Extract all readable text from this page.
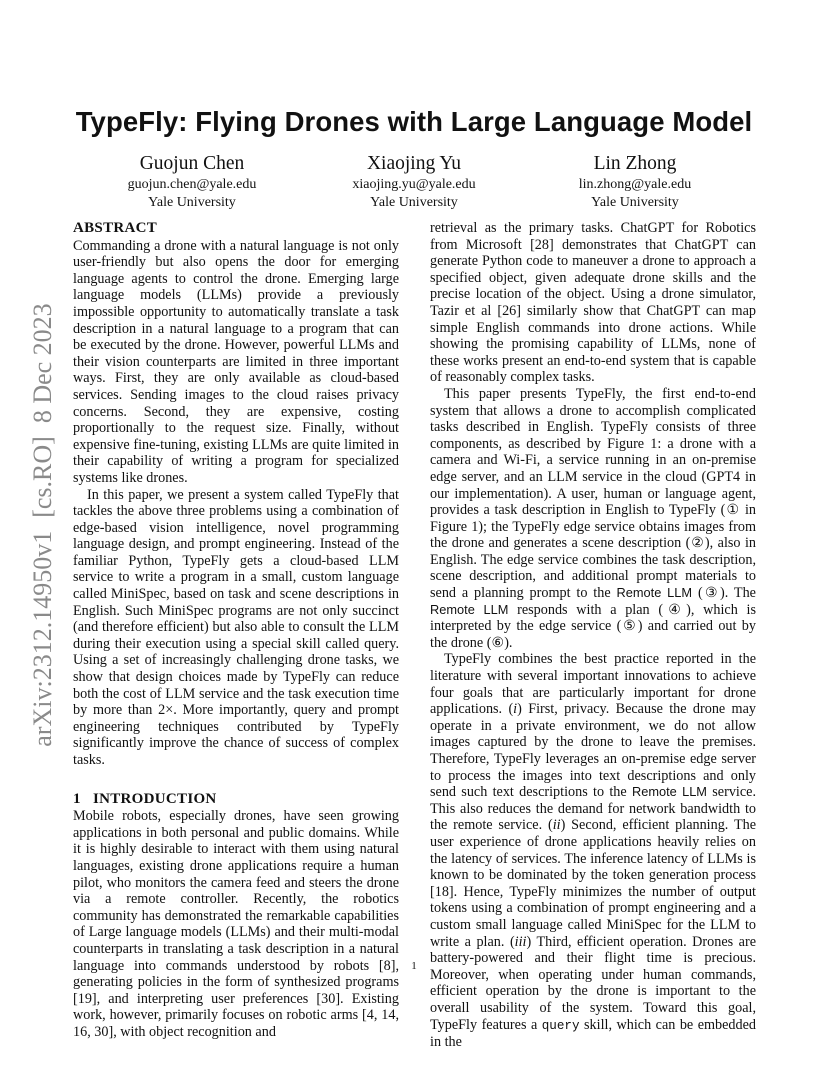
arXiv:2312.14950v1  [cs.RO]  8 Dec 2023
TypeFly: Flying Drones with Large Language Model
Guojun Chen
guojun.chen@yale.edu
Yale University
Xiaojing Yu
xiaojing.yu@yale.edu
Yale University
Lin Zhong
lin.zhong@yale.edu
Yale University
ABSTRACT

Commanding a drone with a natural language is not only user-friendly but also opens the door for emerging language agents to control the drone. Emerging large language models (LLMs) provide a previously impossible opportunity to automatically translate a task description in a natural language to a program that can be executed by the drone. However, powerful LLMs and their vision counterparts are limited in three important ways. First, they are only available as cloud-based services. Sending images to the cloud raises privacy concerns. Second, they are expensive, costing proportionally to the request size. Finally, without expensive fine-tuning, existing LLMs are quite limited in their capability of writing a program for specialized systems like drones.

In this paper, we present a system called TypeFly that tackles the above three problems using a combination of edge-based vision intelligence, novel programming language design, and prompt engineering. Instead of the familiar Python, TypeFly gets a cloud-based LLM service to write a program in a small, custom language called MiniSpec, based on task and scene descriptions in English. Such MiniSpec programs are not only succinct (and therefore efficient) but also able to consult the LLM during their execution using a special skill called query. Using a set of increasingly challenging drone tasks, we show that design choices made by TypeFly can reduce both the cost of LLM service and the task execution time by more than 2×. More importantly, query and prompt engineering techniques contributed by TypeFly significantly improve the chance of success of complex tasks.

1   INTRODUCTION

Mobile robots, especially drones, have seen growing applications in both personal and public domains. While it is highly desirable to interact with them using natural languages, existing drone applications require a human pilot, who monitors the camera feed and steers the drone via a remote controller. Recently, the robotics community has demonstrated the remarkable capabilities of Large language models (LLMs) and their multi-modal counterparts in translating a task description in a natural language into commands understood by robots [8], generating policies in the form of synthesized programs [19], and interpreting user preferences [30]. Existing work, however, primarily focuses on robotic arms [4, 14, 16, 30], with object recognition and

retrieval as the primary tasks. ChatGPT for Robotics from Microsoft [28] demonstrates that ChatGPT can generate Python code to maneuver a drone to approach a specified object, given adequate drone skills and the precise location of the object. Using a drone simulator, Tazir et al [26] similarly show that ChatGPT can map simple English commands into drone actions. While showing the promising capability of LLMs, none of these works present an end-to-end system that is capable of reasonably complex tasks.

This paper presents TypeFly, the first end-to-end system that allows a drone to accomplish complicated tasks described in English. TypeFly consists of three components, as described by Figure 1: a drone with a camera and Wi-Fi, a service running in an on-premise edge server, and an LLM service in the cloud (GPT4 in our implementation). A user, human or language agent, provides a task description in English to TypeFly (① in Figure 1); the TypeFly edge service obtains images from the drone and generates a scene description (②), also in English. The edge service combines the task description, scene description, and additional prompt materials to send a planning prompt to the Remote LLM (③). The Remote LLM responds with a plan (④), which is interpreted by the edge service (⑤) and carried out by the drone (⑥).

TypeFly combines the best practice reported in the literature with several important innovations to achieve four goals that are particularly important for drone applications. (i) First, privacy. Because the drone may operate in a private environment, we do not allow images captured by the drone to leave the premises. Therefore, TypeFly leverages an on-premise edge server to process the images into text descriptions and only send such text descriptions to the Remote LLM service. This also reduces the demand for network bandwidth to the remote service. (ii) Second, efficient planning. The user experience of drone applications heavily relies on the latency of services. The inference latency of LLMs is known to be dominated by the token generation process [18]. Hence, TypeFly minimizes the number of output tokens using a combination of prompt engineering and a custom small language called MiniSpec for the LLM to write a plan. (iii) Third, efficient operation. Drones are battery-powered and their flight time is precious. Moreover, when operating under human commands, efficient operation by the drone is important to the overall usability of the system. Toward this goal, TypeFly features a query skill, which can be embedded in the

1
